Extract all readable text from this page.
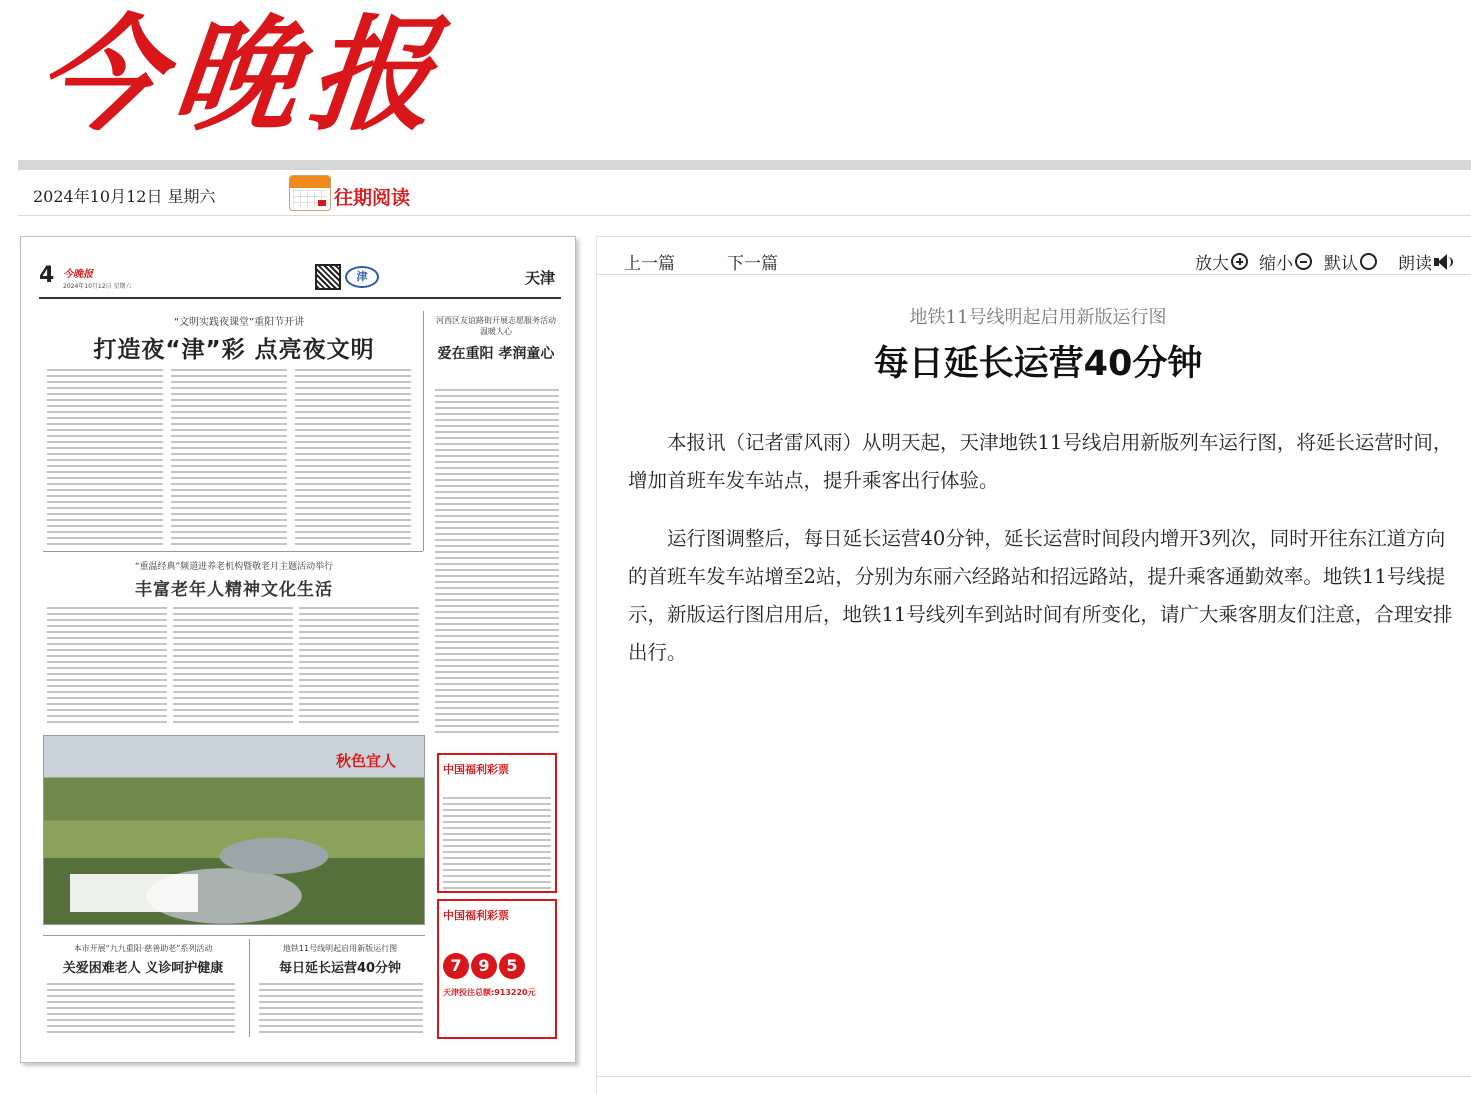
今晚报
2024年10月12日 星期六	往期阅读
4 今晚报
2024年10月12日 星期六
津	天津
“文明实践夜课堂”重阳节开讲
打造夜“津”彩 点亮夜文明
河西区友谊路街开展志愿服务活动温暖人心
爱在重阳 孝润童心
“重温经典”频道进养老机构暨敬老月主题活动举行
丰富老年人精神文化生活
秋色宜人	中国福利彩票
中国福利彩票
7 9 5
天津投注总额:913220元
本市开展“九九重阳·慈善助老”系列活动
关爱困难老人 义诊呵护健康
地铁11号线明起启用新版运行图
每日延长运营40分钟
上一篇	下一篇	放大 缩小 默认 朗读
地铁11号线明起启用新版运行图
每日延长运营40分钟

本报讯（记者雷风雨）从明天起，天津地铁11号线启用新版列车运行图，将延长运营时间，增加首班车发车站点，提升乘客出行体验。

运行图调整后，每日延长运营40分钟，延长运营时间段内增开3列次，同时开往东江道方向的首班车发车站增至2站，分别为东丽六经路站和招远路站，提升乘客通勤效率。地铁11号线提示，新版运行图启用后，地铁11号线列车到站时间有所变化，请广大乘客朋友们注意，合理安排出行。
